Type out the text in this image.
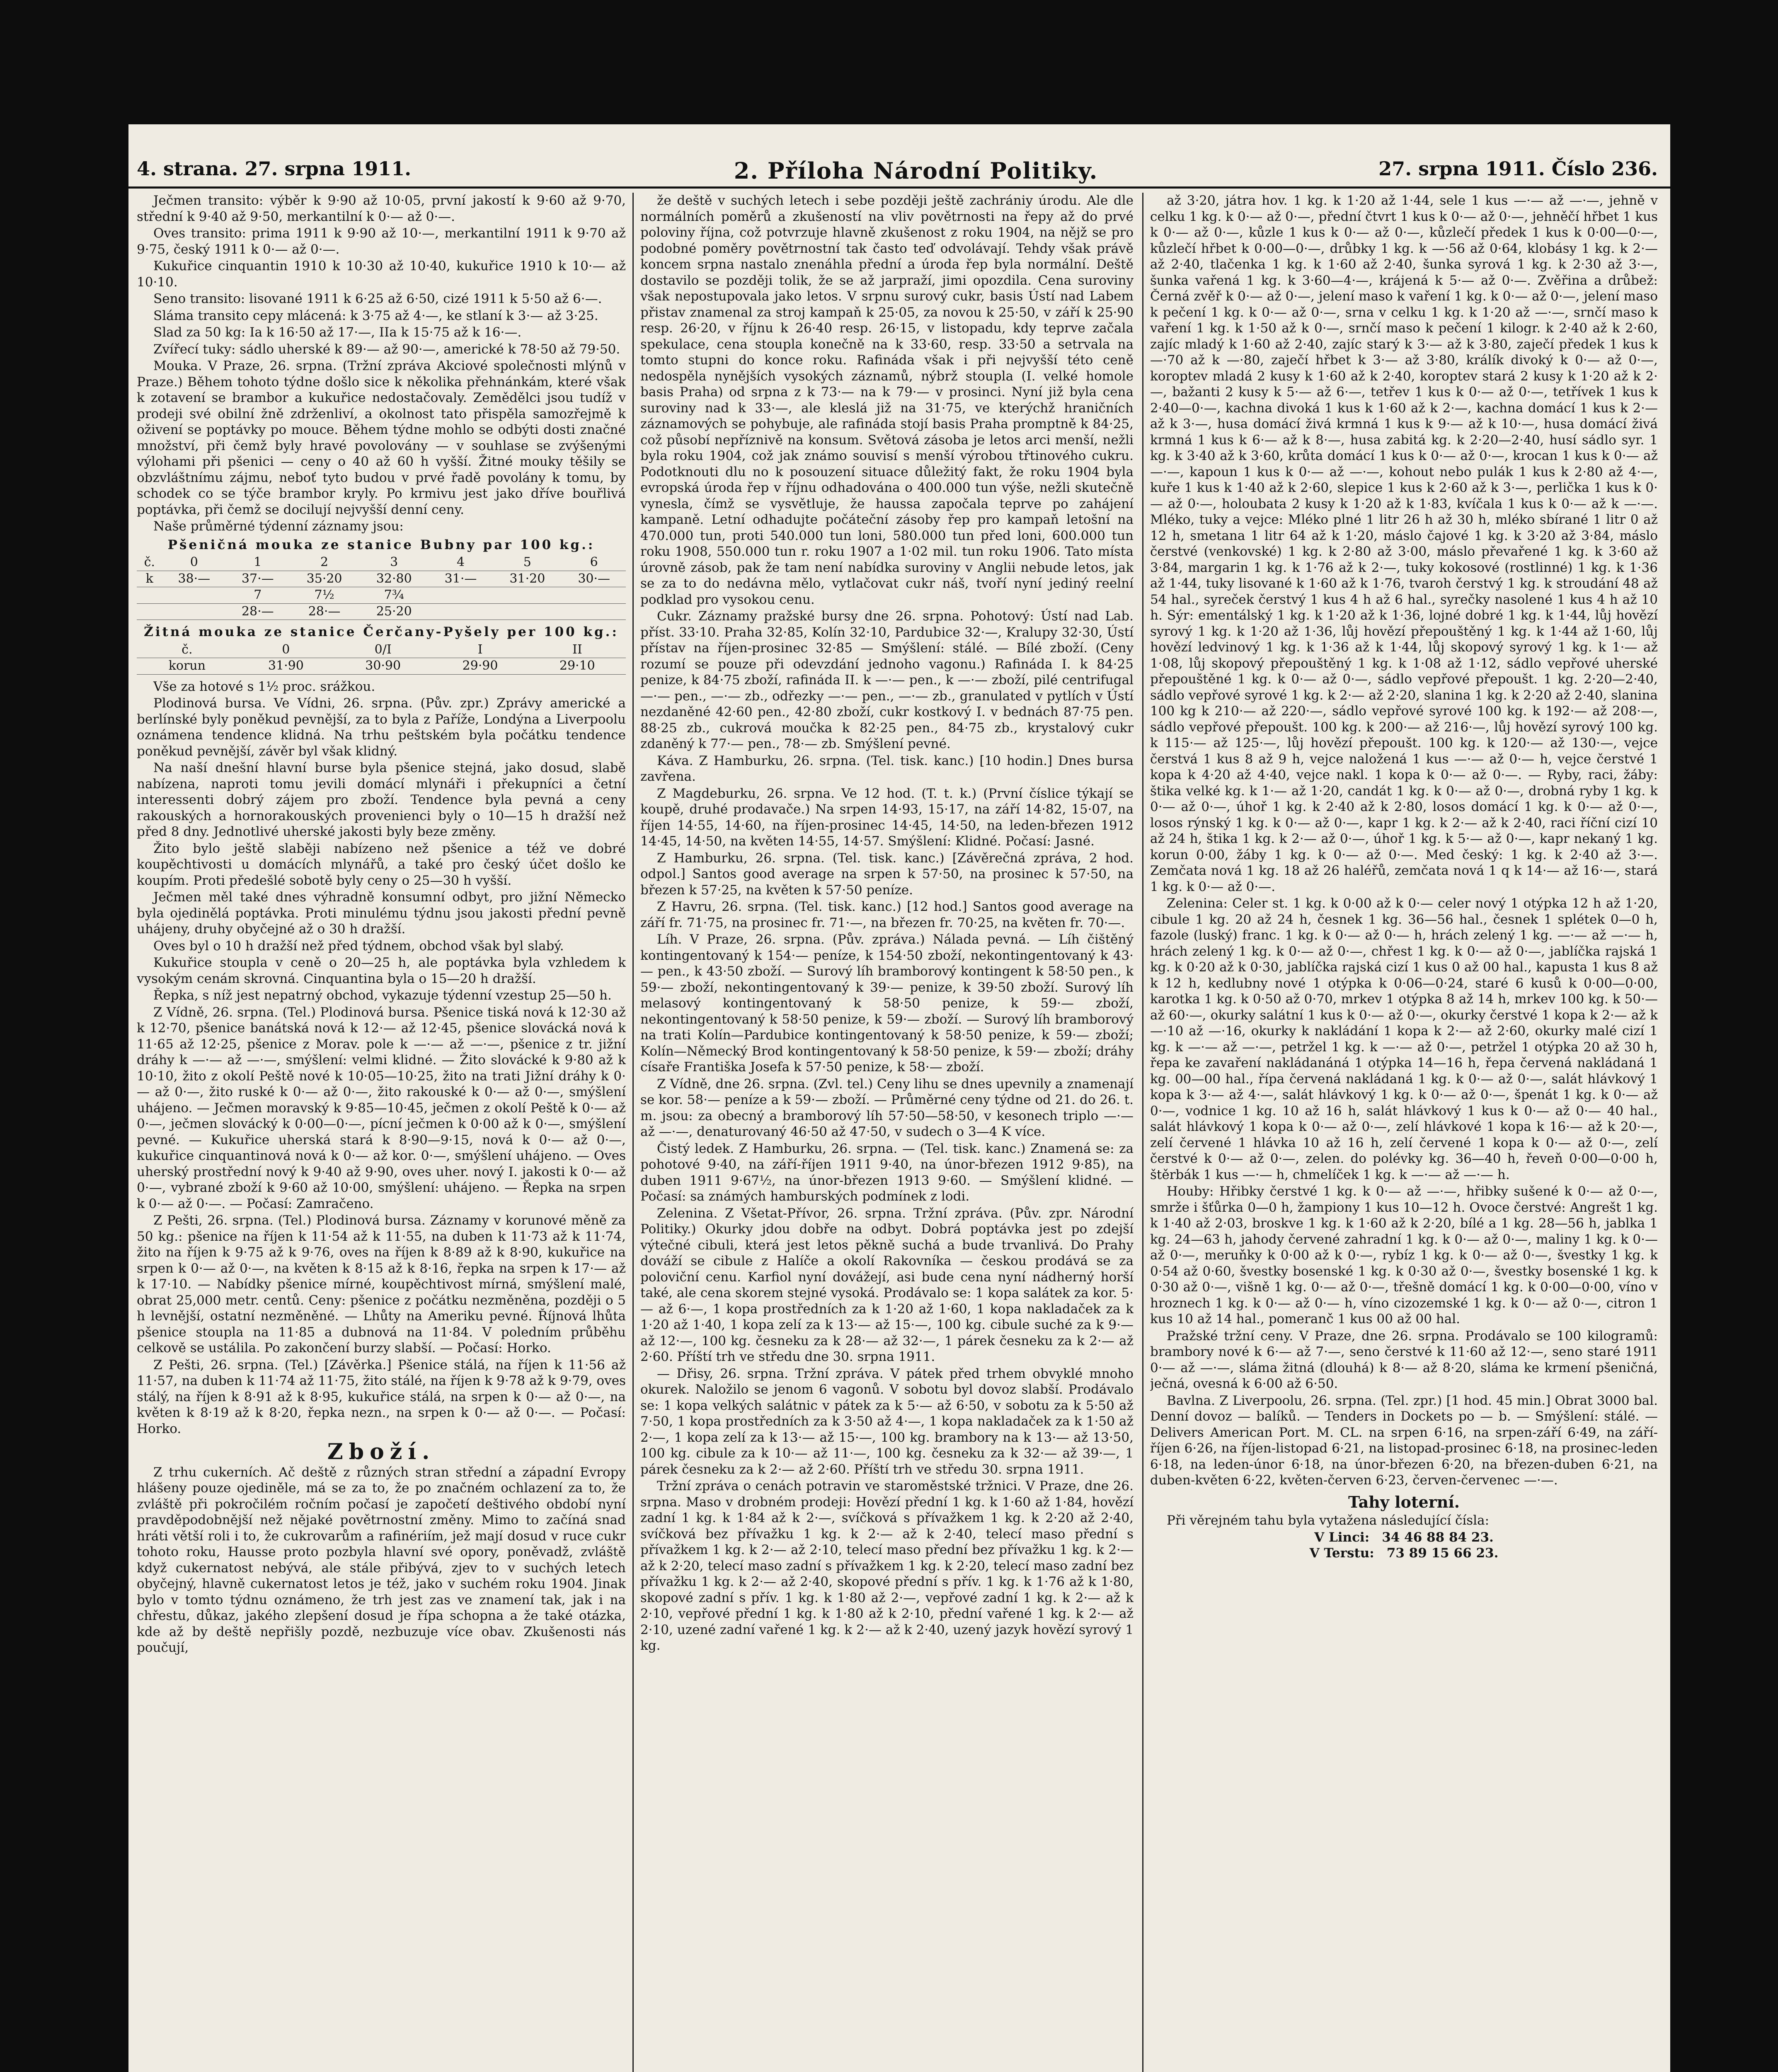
4. strana. 27. srpna 1911.	2. Příloha Národní Politiky.	27. srpna 1911. Číslo 236.

Ječmen transito: výběr k 9·90 až 10·05, první jakostí k 9·60 až 9·70, střední k 9·40 až 9·50, merkantilní k 0·— až 0·—.

Oves transito: prima 1911 k 9·90 až 10·—, merkantilní 1911 k 9·70 až 9·75, český 1911 k 0·— až 0·—.

Kukuřice cinquantin 1910 k 10·30 až 10·40, kukuřice 1910 k 10·— až 10·10.

Seno transito: lisované 1911 k 6·25 až 6·50, cizé 1911 k 5·50 až 6·—.

Sláma transito cepy mlácená: k 3·75 až 4·—, ke stlaní k 3·— až 3·25.

Slad za 50 kg: Ia k 16·50 až 17·—, IIa k 15·75 až k 16·—.

Zvířecí tuky: sádlo uherské k 89·— až 90·—, americké k 78·50 až 79·50.

Mouka. V Praze, 26. srpna. (Tržní zpráva Akciové společnosti mlýnů v Praze.) Během tohoto týdne došlo sice k několika přehnánkám, které však k zotavení se brambor a kukuřice nedostačovaly. Zemědělci jsou tudíž v prodeji své obilní žně zdrženliví, a okolnost tato přispěla samozřejmě k oživení se poptávky po mouce. Během týdne mohlo se odbýti dosti značné množství, při čemž byly hravé povolovány — v souhlase se zvýšenými výlohami při pšenici — ceny o 40 až 60 h vyšší. Žitné mouky těšily se obzvláštnímu zájmu, neboť tyto budou v prvé řadě povolány k tomu, by schodek co se týče brambor kryly. Po krmivu jest jako dříve bouřlivá poptávka, při čemž se docilují nejvyšší denní ceny.

Naše průměrné týdenní záznamy jsou:

Pšeničná mouka ze stanice Bubny par 100 kg.:
č.	0	1	2	3	4	5	6
k	38·—	37·—	35·20	32·80	31·—	31·20	30·—
		7	7½	7¾			
		28·—	28·—	25·20			
Žitná mouka ze stanice Čerčany-Pyšely per 100 kg.:
č.	0	0/I	I	II
korun	31·90	30·90	29·90	29·10

Vše za hotové s 1½ proc. srážkou.

Plodinová bursa. Ve Vídni, 26. srpna. (Pův. zpr.) Zprávy americké a berlínské byly poněkud pevnější, za to byla z Paříže, Londýna a Liverpoolu oznámena tendence klidná. Na trhu peštském byla počátku tendence poněkud pevnější, závěr byl však klidný.

Na naší dnešní hlavní burse byla pšenice stejná, jako dosud, slabě nabízena, naproti tomu jevili domácí mlynáři i překupníci a četní interessenti dobrý zájem pro zboží. Tendence byla pevná a ceny rakouských a hornorakouských provenienci byly o 10—15 h dražší než před 8 dny. Jednotlivé uherské jakosti byly beze změny.

Žito bylo ještě slaběji nabízeno než pšenice a též ve dobré koupěchtivosti u domácích mlynářů, a také pro český účet došlo ke koupím. Proti předešlé sobotě byly ceny o 25—30 h vyšší.

Ječmen měl také dnes výhradně konsumní odbyt, pro jižní Německo byla ojedinělá poptávka. Proti minulému týdnu jsou jakosti přední pevně uhájeny, druhy obyčejné až o 30 h dražší.

Oves byl o 10 h dražší než před týdnem, obchod však byl slabý.

Kukuřice stoupla v ceně o 20—25 h, ale poptávka byla vzhledem k vysokým cenám skrovná. Cinquantina byla o 15—20 h dražší.

Řepka, s níž jest nepatrný obchod, vykazuje týdenní vzestup 25—50 h.

Z Vídně, 26. srpna. (Tel.) Plodinová bursa. Pšenice tiská nová k 12·30 až k 12·70, pšenice banátská nová k 12·— až 12·45, pšenice slovácká nová k 11·65 až 12·25, pšenice z Morav. pole k —·— až —·—, pšenice z tr. jižní dráhy k —·— až —·—, smýšlení: velmi klidné. — Žito slovácké k 9·80 až k 10·10, žito z okolí Peště nové k 10·05—10·25, žito na trati Jižní dráhy k 0·— až 0·—, žito ruské k 0·— až 0·—, žito rakouské k 0·— až 0·—, smýšlení uhájeno. — Ječmen moravský k 9·85—10·45, ječmen z okolí Peště k 0·— až 0·—, ječmen slovácký k 0·00—0·—, pícní ječmen k 0·00 až k 0·—, smýšlení pevné. — Kukuřice uherská stará k 8·90—9·15, nová k 0·— až 0·—, kukuřice cinquantinová nová k 0·— až kor. 0·—, smýšlení uhájeno. — Oves uherský prostřední nový k 9·40 až 9·90, oves uher. nový I. jakosti k 0·— až 0·—, vybrané zboží k 9·60 až 10·00, smýšlení: uhájeno. — Řepka na srpen k 0·— až 0·—. — Počasí: Zamračeno.

Z Pešti, 26. srpna. (Tel.) Plodinová bursa. Záznamy v korunové měně za 50 kg.: pšenice na říjen k 11·54 až k 11·55, na duben k 11·73 až k 11·74, žito na říjen k 9·75 až k 9·76, oves na říjen k 8·89 až k 8·90, kukuřice na srpen k 0·— až 0·—, na květen k 8·15 až k 8·16, řepka na srpen k 17·— až k 17·10. — Nabídky pšenice mírné, koupěchtivost mírná, smýšlení malé, obrat 25,000 metr. centů. Ceny: pšenice z počátku nezměněna, později o 5 h levnější, ostatní nezměněné. — Lhůty na Ameriku pevné. Říjnová lhůta pšenice stoupla na 11·85 a dubnová na 11·84. V poledním průběhu celkově se ustálila. Po zakončení burzy slabší. — Počasí: Horko.

Z Pešti, 26. srpna. (Tel.) [Závěrka.] Pšenice stálá, na říjen k 11·56 až 11·57, na duben k 11·74 až 11·75, žito stálé, na říjen k 9·78 až k 9·79, oves stálý, na říjen k 8·91 až k 8·95, kukuřice stálá, na srpen k 0·— až 0·—, na květen k 8·19 až k 8·20, řepka nezn., na srpen k 0·— až 0·—. — Počasí: Horko.

Zboží.

Z trhu cukerních. Ač deště z různých stran střední a západní Evropy hlášeny pouze ojediněle, má se za to, že po značném ochlazení za to, že zvláště při pokročilém ročním počasí je započetí deštivého období nyní pravděpodobnější než nějaké povětrnostní změny. Mimo to začíná snad hráti větší roli i to, že cukrovarům a rafinériím, jež mají dosud v ruce cukr tohoto roku, Hausse proto pozbyla hlavní své opory, poněvadž, zvláště když cukernatost nebývá, ale stále přibývá, zjev to v suchých letech obyčejný, hlavně cukernatost letos je též, jako v suchém roku 1904. Jinak bylo v tomto týdnu oznámeno, že trh jest zas ve znamení tak, jak i na chřestu, důkaz, jakého zlepšení dosud je řípa schopna a že také otázka, kde až by deště nepřišly pozdě, nezbuzuje více obav. Zkušenosti nás poučují,

že deště v suchých letech i sebe později ještě zachrániy úrodu. Ale dle normálních poměrů a zkušeností na vliv povětrnosti na řepy až do prvé poloviny října, což potvrzuje hlavně zkušenost z roku 1904, na nějž se pro podobné poměry povětrnostní tak často teď odvolávají. Tehdy však právě koncem srpna nastalo znenáhla přední a úroda řep byla normální. Deště dostavilo se později tolik, že se až jarpraží, jimi opozdila. Cena suroviny však nepostupovala jako letos. V srpnu surový cukr, basis Ústí nad Labem přistav znamenal za stroj kampaň k 25·05, za novou k 25·50, v září k 25·90 resp. 26·20, v říjnu k 26·40 resp. 26·15, v listopadu, kdy teprve začala spekulace, cena stoupla konečně na k 33·60, resp. 33·50 a setrvala na tomto stupni do konce roku. Rafináda však i při nejvyšší této ceně nedospěla nynějších vysokých záznamů, nýbrž stoupla (I. velké homole basis Praha) od srpna z k 73·— na k 79·— v prosinci. Nyní již byla cena suroviny nad k 33·—, ale kleslá již na 31·75, ve kterýchž hraničních záznamových se pohybuje, ale rafináda stojí basis Praha promptně k 84·25, což působí nepříznivě na konsum. Světová zásoba je letos arci menší, nežli byla roku 1904, což jak známo souvisí s menší výrobou třtinového cukru. Podotknouti dlu no k posouzení situace důležitý fakt, že roku 1904 byla evropská úroda řep v říjnu odhadována o 400.000 tun výše, nežli skutečně vynesla, čímž se vysvětluje, že haussa započala teprve po zahájení kampaně. Letní odhadujte počáteční zásoby řep pro kampaň letošní na 470.000 tun, proti 540.000 tun loni, 580.000 tun před loni, 600.000 tun roku 1908, 550.000 tun r. roku 1907 a 1·02 mil. tun roku 1906. Tato místa úrovně zásob, pak že tam není nabídka suroviny v Anglii nebude letos, jak se za to do nedávna mělo, vytlačovat cukr náš, tvoří nyní jediný reelní podklad pro vysokou cenu.

Cukr. Záznamy pražské bursy dne 26. srpna. Pohotový: Ústí nad Lab. příst. 33·10. Praha 32·85, Kolín 32·10, Pardubice 32·—, Kralupy 32·30, Ústí přístav na říjen-prosinec 32·85 — Smýšlení: stálé. — Bílé zboží. (Ceny rozumí se pouze při odevzdání jednoho vagonu.) Rafináda I. k 84·25 penize, k 84·75 zboží, rafináda II. k —·— pen., k —·— zboží, pilé centrifugal —·— pen., —·— zb., odřezky —·— pen., —·— zb., granulated v pytlích v Ústí nezdaněné 42·60 pen., 42·80 zboží, cukr kostkový I. v bednách 87·75 pen. 88·25 zb., cukrová moučka k 82·25 pen., 84·75 zb., krystalový cukr zdaněný k 77·— pen., 78·— zb. Smýšlení pevné.

Káva. Z Hamburku, 26. srpna. (Tel. tisk. kanc.) [10 hodin.] Dnes bursa zavřena.

Z Magdeburku, 26. srpna. Ve 12 hod. (T. t. k.) (První číslice týkají se koupě, druhé prodavače.) Na srpen 14·93, 15·17, na září 14·82, 15·07, na říjen 14·55, 14·60, na říjen-prosinec 14·45, 14·50, na leden-březen 1912 14·45, 14·50, na květen 14·55, 14·57. Smýšlení: Klidné. Počasí: Jasné.

Z Hamburku, 26. srpna. (Tel. tisk. kanc.) [Závěrečná zpráva, 2 hod. odpol.] Santos good average na srpen k 57·50, na prosinec k 57·50, na březen k 57·25, na květen k 57·50 peníze.

Z Havru, 26. srpna. (Tel. tisk. kanc.) [12 hod.] Santos good average na září fr. 71·75, na prosinec fr. 71·—, na březen fr. 70·25, na květen fr. 70·—.

Líh. V Praze, 26. srpna. (Pův. zpráva.) Nálada pevná. — Líh čištěný kontingentovaný k 154·— peníze, k 154·50 zboží, nekontingentovaný k 43·— pen., k 43·50 zboží. — Surový líh bramborový kontingent k 58·50 pen., k 59·— zboží, nekontingentovaný k 39·— penize, k 39·50 zboží. Surový líh melasový kontingentovaný k 58·50 penize, k 59·— zboží, nekontingentovaný k 58·50 penize, k 59·— zboží. — Surový líh bramborový na trati Kolín—Pardubice kontingentovaný k 58·50 penize, k 59·— zboží; Kolín—Německý Brod kontingentovaný k 58·50 penize, k 59·— zboží; dráhy císaře Františka Josefa k 57·50 penize, k 58·— zboží.

Z Vídně, dne 26. srpna. (Zvl. tel.) Ceny lihu se dnes upevnily a znamenají se kor. 58·— peníze a k 59·— zboží. — Průměrné ceny týdne od 21. do 26. t. m. jsou: za obecný a bramborový líh 57·50—58·50, v kesonech triplo —·— až —·—, denaturovaný 46·50 až 47·50, v sudech o 3—4 K více.

Čistý ledek. Z Hamburku, 26. srpna. — (Tel. tisk. kanc.) Znamená se: za pohotové 9·40, na září-říjen 1911 9·40, na únor-březen 1912 9·85), na duben 1911 9·67½, na únor-březen 1913 9·60. — Smýšlení klidné. — Počasí: sa známých hamburských podmínek z lodi.

Zelenina. Z Všetat-Přívor, 26. srpna. Tržní zpráva. (Pův. zpr. Národní Politiky.) Okurky jdou dobře na odbyt. Dobrá poptávka jest po zdejší výtečné cibuli, která jest letos pěkně suchá a bude trvanlivá. Do Prahy dováží se cibule z Halíče a okolí Rakovníka — českou prodává se za poloviční cenu. Karfiol nyní dovážejí, asi bude cena nyní nádherný horší také, ale cena skorem stejné vysoká. Prodávalo se: 1 kopa salátek za kor. 5·— až 6·—, 1 kopa prostředních za k 1·20 až 1·60, 1 kopa nakladaček za k 1·20 až 1·40, 1 kopa zelí za k 13·— až 15·—, 100 kg. cibule suché za k 9·— až 12·—, 100 kg. česneku za k 28·— až 32·—, 1 párek česneku za k 2·— až 2·60. Příští trh ve středu dne 30. srpna 1911.

— Dřisy, 26. srpna. Tržní zpráva. V pátek před trhem obvyklé mnoho okurek. Naložilo se jenom 6 vagonů. V sobotu byl dovoz slabší. Prodávalo se: 1 kopa velkých salátnic v pátek za k 5·— až 6·50, v sobotu za k 5·50 až 7·50, 1 kopa prostředních za k 3·50 až 4·—, 1 kopa nakladaček za k 1·50 až 2·—, 1 kopa zelí za k 13·— až 15·—, 100 kg. brambory na k 13·— až 13·50, 100 kg. cibule za k 10·— až 11·—, 100 kg. česneku za k 32·— až 39·—, 1 párek česneku za k 2·— až 2·60. Příští trh ve středu 30. srpna 1911.

Tržní zpráva o cenách potravin ve staroměstské tržnici. V Praze, dne 26. srpna. Maso v drobném prodeji: Hovězí přední 1 kg. k 1·60 až 1·84, hovězí zadní 1 kg. k 1·84 až k 2·—, svíčková s přívažkem 1 kg. k 2·20 až 2·40, svíčková bez přívažku 1 kg. k 2·— až k 2·40, telecí maso přední s přívažkem 1 kg. k 2·— až 2·10, telecí maso přední bez přívažku 1 kg. k 2·— až k 2·20, telecí maso zadní s přívažkem 1 kg. k 2·20, telecí maso zadní bez přívažku 1 kg. k 2·— až 2·40, skopové přední s přív. 1 kg. k 1·76 až k 1·80, skopové zadní s přív. 1 kg. k 1·80 až 2·—, vepřové zadní 1 kg. k 2·— až k 2·10, vepřové přední 1 kg. k 1·80 až k 2·10, přední vařené 1 kg. k 2·— až 2·10, uzené zadní vařené 1 kg. k 2·— až k 2·40, uzený jazyk hovězí syrový 1 kg.

až 3·20, játra hov. 1 kg. k 1·20 až 1·44, sele 1 kus —·— až —·—, jehně v celku 1 kg. k 0·— až 0·—, přední čtvrt 1 kus k 0·— až 0·—, jehněčí hřbet 1 kus k 0·— až 0·—, kůzle 1 kus k 0·— až 0·—, kůzlečí předek 1 kus k 0·00—0·—, kůzlečí hřbet k 0·00—0·—, drůbky 1 kg. k —·56 až 0·64, klobásy 1 kg. k 2·— až 2·40, tlačenka 1 kg. k 1·60 až 2·40, šunka syrová 1 kg. k 2·30 až 3·—, šunka vařená 1 kg. k 3·60—4·—, krájená k 5·— až 0·—. Zvěřina a drůbež: Černá zvěř k 0·— až 0·—, jelení maso k vaření 1 kg. k 0·— až 0·—, jelení maso k pečení 1 kg. k 0·— až 0·—, srna v celku 1 kg. k 1·20 až —·—, srnčí maso k vaření 1 kg. k 1·50 až k 0·—, srnčí maso k pečení 1 kilogr. k 2·40 až k 2·60, zajíc mladý k 1·60 až 2·40, zajíc starý k 3·— až k 3·80, zaječí předek 1 kus k —·70 až k —·80, zaječí hřbet k 3·— až 3·80, králík divoký k 0·— až 0·—, koroptev mladá 2 kusy k 1·60 až k 2·40, koroptev stará 2 kusy k 1·20 až k 2·—, bažanti 2 kusy k 5·— až 6·—, tetřev 1 kus k 0·— až 0·—, tetřívek 1 kus k 2·40—0·—, kachna divoká 1 kus k 1·60 až k 2·—, kachna domácí 1 kus k 2·— až k 3·—, husa domácí živá krmná 1 kus k 9·— až k 10·—, husa domácí živá krmná 1 kus k 6·— až k 8·—, husa zabitá kg. k 2·20—2·40, husí sádlo syr. 1 kg. k 3·40 až k 3·60, krůta domácí 1 kus k 0·— až 0·—, krocan 1 kus k 0·— až —·—, kapoun 1 kus k 0·— až —·—, kohout nebo pulák 1 kus k 2·80 až 4·—, kuře 1 kus k 1·40 až k 2·60, slepice 1 kus k 2·60 až k 3·—, perlička 1 kus k 0·— až 0·—, holoubata 2 kusy k 1·20 až k 1·83, kvíčala 1 kus k 0·— až k —·—. Mléko, tuky a vejce: Mléko plné 1 litr 26 h až 30 h, mléko sbírané 1 litr 0 až 12 h, smetana 1 litr 64 až k 1·20, máslo čajové 1 kg. k 3·20 až 3·84, máslo čerstvé (venkovské) 1 kg. k 2·80 až 3·00, máslo převařené 1 kg. k 3·60 až 3·84, margarin 1 kg. k 1·76 až k 2·—, tuky kokosové (rostlinné) 1 kg. k 1·36 až 1·44, tuky lisované k 1·60 až k 1·76, tvaroh čerstvý 1 kg. k stroudání 48 až 54 hal., syreček čerstvý 1 kus 4 h až 6 hal., syrečky nasolené 1 kus 4 h až 10 h. Sýr: ementálský 1 kg. k 1·20 až k 1·36, lojné dobré 1 kg. k 1·44, lůj hovězí syrový 1 kg. k 1·20 až 1·36, lůj hovězí přepouštěný 1 kg. k 1·44 až 1·60, lůj hovězí ledvinový 1 kg. k 1·36 až k 1·44, lůj skopový syrový 1 kg. k 1·— až 1·08, lůj skopový přepouštěný 1 kg. k 1·08 až 1·12, sádlo vepřové uherské přepouštěné 1 kg. k 0·— až 0·—, sádlo vepřové přepoušt. 1 kg. 2·20—2·40, sádlo vepřové syrové 1 kg. k 2·— až 2·20, slanina 1 kg. k 2·20 až 2·40, slanina 100 kg k 210·— až 220·—, sádlo vepřové syrové 100 kg. k 192·— až 208·—, sádlo vepřové přepoušt. 100 kg. k 200·— až 216·—, lůj hovězí syrový 100 kg. k 115·— až 125·—, lůj hovězí přepoušt. 100 kg. k 120·— až 130·—, vejce čerstvá 1 kus 8 až 9 h, vejce naložená 1 kus —·— až 0·— h, vejce čerstvé 1 kopa k 4·20 až 4·40, vejce nakl. 1 kopa k 0·— až 0·—. — Ryby, raci, žáby: štika velké kg. k 1·— až 1·20, candát 1 kg. k 0·— až 0·—, drobná ryby 1 kg. k 0·— až 0·—, úhoř 1 kg. k 2·40 až k 2·80, losos domácí 1 kg. k 0·— až 0·—, losos rýnský 1 kg. k 0·— až 0·—, kapr 1 kg. k 2·— až k 2·40, raci říční cizí 10 až 24 h, štika 1 kg. k 2·— až 0·—, úhoř 1 kg. k 5·— až 0·—, kapr nekaný 1 kg. korun 0·00, žáby 1 kg. k 0·— až 0·—. Med český: 1 kg. k 2·40 až 3·—. Zemčata nová 1 kg. 18 až 26 haléřů, zemčata nová 1 q k 14·— až 16·—, stará 1 kg. k 0·— až 0·—.

Zelenina: Celer st. 1 kg. k 0·00 až k 0·— celer nový 1 otýpka 12 h až 1·20, cibule 1 kg. 20 až 24 h, česnek 1 kg. 36—56 hal., česnek 1 splétek 0—0 h, fazole (luský) franc. 1 kg. k 0·— až 0·— h, hrách zelený 1 kg. —·— až —·— h, hrách zelený 1 kg. k 0·— až 0·—, chřest 1 kg. k 0·— až 0·—, jablíčka rajská 1 kg. k 0·20 až k 0·30, jablíčka rajská cizí 1 kus 0 až 00 hal., kapusta 1 kus 8 až k 12 h, kedlubny nové 1 otýpka k 0·06—0·24, staré 6 kusů k 0·00—0·00, karotka 1 kg. k 0·50 až 0·70, mrkev 1 otýpka 8 až 14 h, mrkev 100 kg. k 50·— až 60·—, okurky salátní 1 kus k 0·— až 0·—, okurky čerstvé 1 kopa k 2·— až k —·10 až —·16, okurky k nakládání 1 kopa k 2·— až 2·60, okurky malé cizí 1 kg. k —·— až —·—, petržel 1 kg. k —·— až 0·—, petržel 1 otýpka 20 až 30 h, řepa ke zavaření nakládanáná 1 otýpka 14—16 h, řepa červená nakládaná 1 kg. 00—00 hal., řípa červená nakládaná 1 kg. k 0·— až 0·—, salát hlávkový 1 kopa k 3·— až 4·—, salát hlávkový 1 kg. k 0·— až 0·—, špenát 1 kg. k 0·— až 0·—, vodnice 1 kg. 10 až 16 h, salát hlávkový 1 kus k 0·— až 0·— 40 hal., salát hlávkový 1 kopa k 0·— až 0·—, zelí hlávkové 1 kopa k 16·— až k 20·—, zelí červené 1 hlávka 10 až 16 h, zelí červené 1 kopa k 0·— až 0·—, zelí čerstvé k 0·— až 0·—, zelen. do polévky kg. 36—40 h, řeveň 0·00—0·00 h, štěrbák 1 kus —·— h, chmelíček 1 kg. k —·— až —·— h.

Houby: Hřibky čerstvé 1 kg. k 0·— až —·—, hřibky sušené k 0·— až 0·—, smrže i šťůrka 0—0 h, žampiony 1 kus 10—12 h. Ovoce čerstvé: Angrešt 1 kg. k 1·40 až 2·03, broskve 1 kg. k 1·60 až k 2·20, bílé a 1 kg. 28—56 h, jablka 1 kg. 24—63 h, jahody červené zahradní 1 kg. k 0·— až 0·—, maliny 1 kg. k 0·— až 0·—, meruňky k 0·00 až k 0·—, rybíz 1 kg. k 0·— až 0·—, švestky 1 kg. k 0·54 až 0·60, švestky bosenské 1 kg. k 0·30 až 0·—, švestky bosenské 1 kg. k 0·30 až 0·—, višně 1 kg. 0·— až 0·—, třešně domácí 1 kg. k 0·00—0·00, víno v hroznech 1 kg. k 0·— až 0·— h, víno cizozemské 1 kg. k 0·— až 0·—, citron 1 kus 10 až 14 hal., pomeranč 1 kus 00 až 00 hal.

Pražské tržní ceny. V Praze, dne 26. srpna. Prodávalo se 100 kilogramů: brambory nové k 6·— až 7·—, seno čerstvé k 11·60 až 12·—, seno staré 1911 0·— až —·—, sláma žitná (dlouhá) k 8·— až 8·20, sláma ke krmení pšeničná, ječná, ovesná k 6·00 až 6·50.

Bavlna. Z Liverpoolu, 26. srpna. (Tel. zpr.) [1 hod. 45 min.] Obrat 3000 bal. Denní dovoz — balíků. — Tenders in Dockets po — b. — Smýšlení: stálé. — Delivers American Port. M. CL. na srpen 6·16, na srpen-září 6·49, na září-říjen 6·26, na říjen-listopad 6·21, na listopad-prosinec 6·18, na prosinec-leden 6·18, na leden-únor 6·18, na únor-březen 6·20, na březen-duben 6·21, na duben-květen 6·22, květen-červen 6·23, červen-červenec —·—.

Tahy loterní.

Při věrejném tahu byla vytažena následující čísla:

V Linci: 34 46 88 84 23.
V Terstu: 73 89 15 66 23.
